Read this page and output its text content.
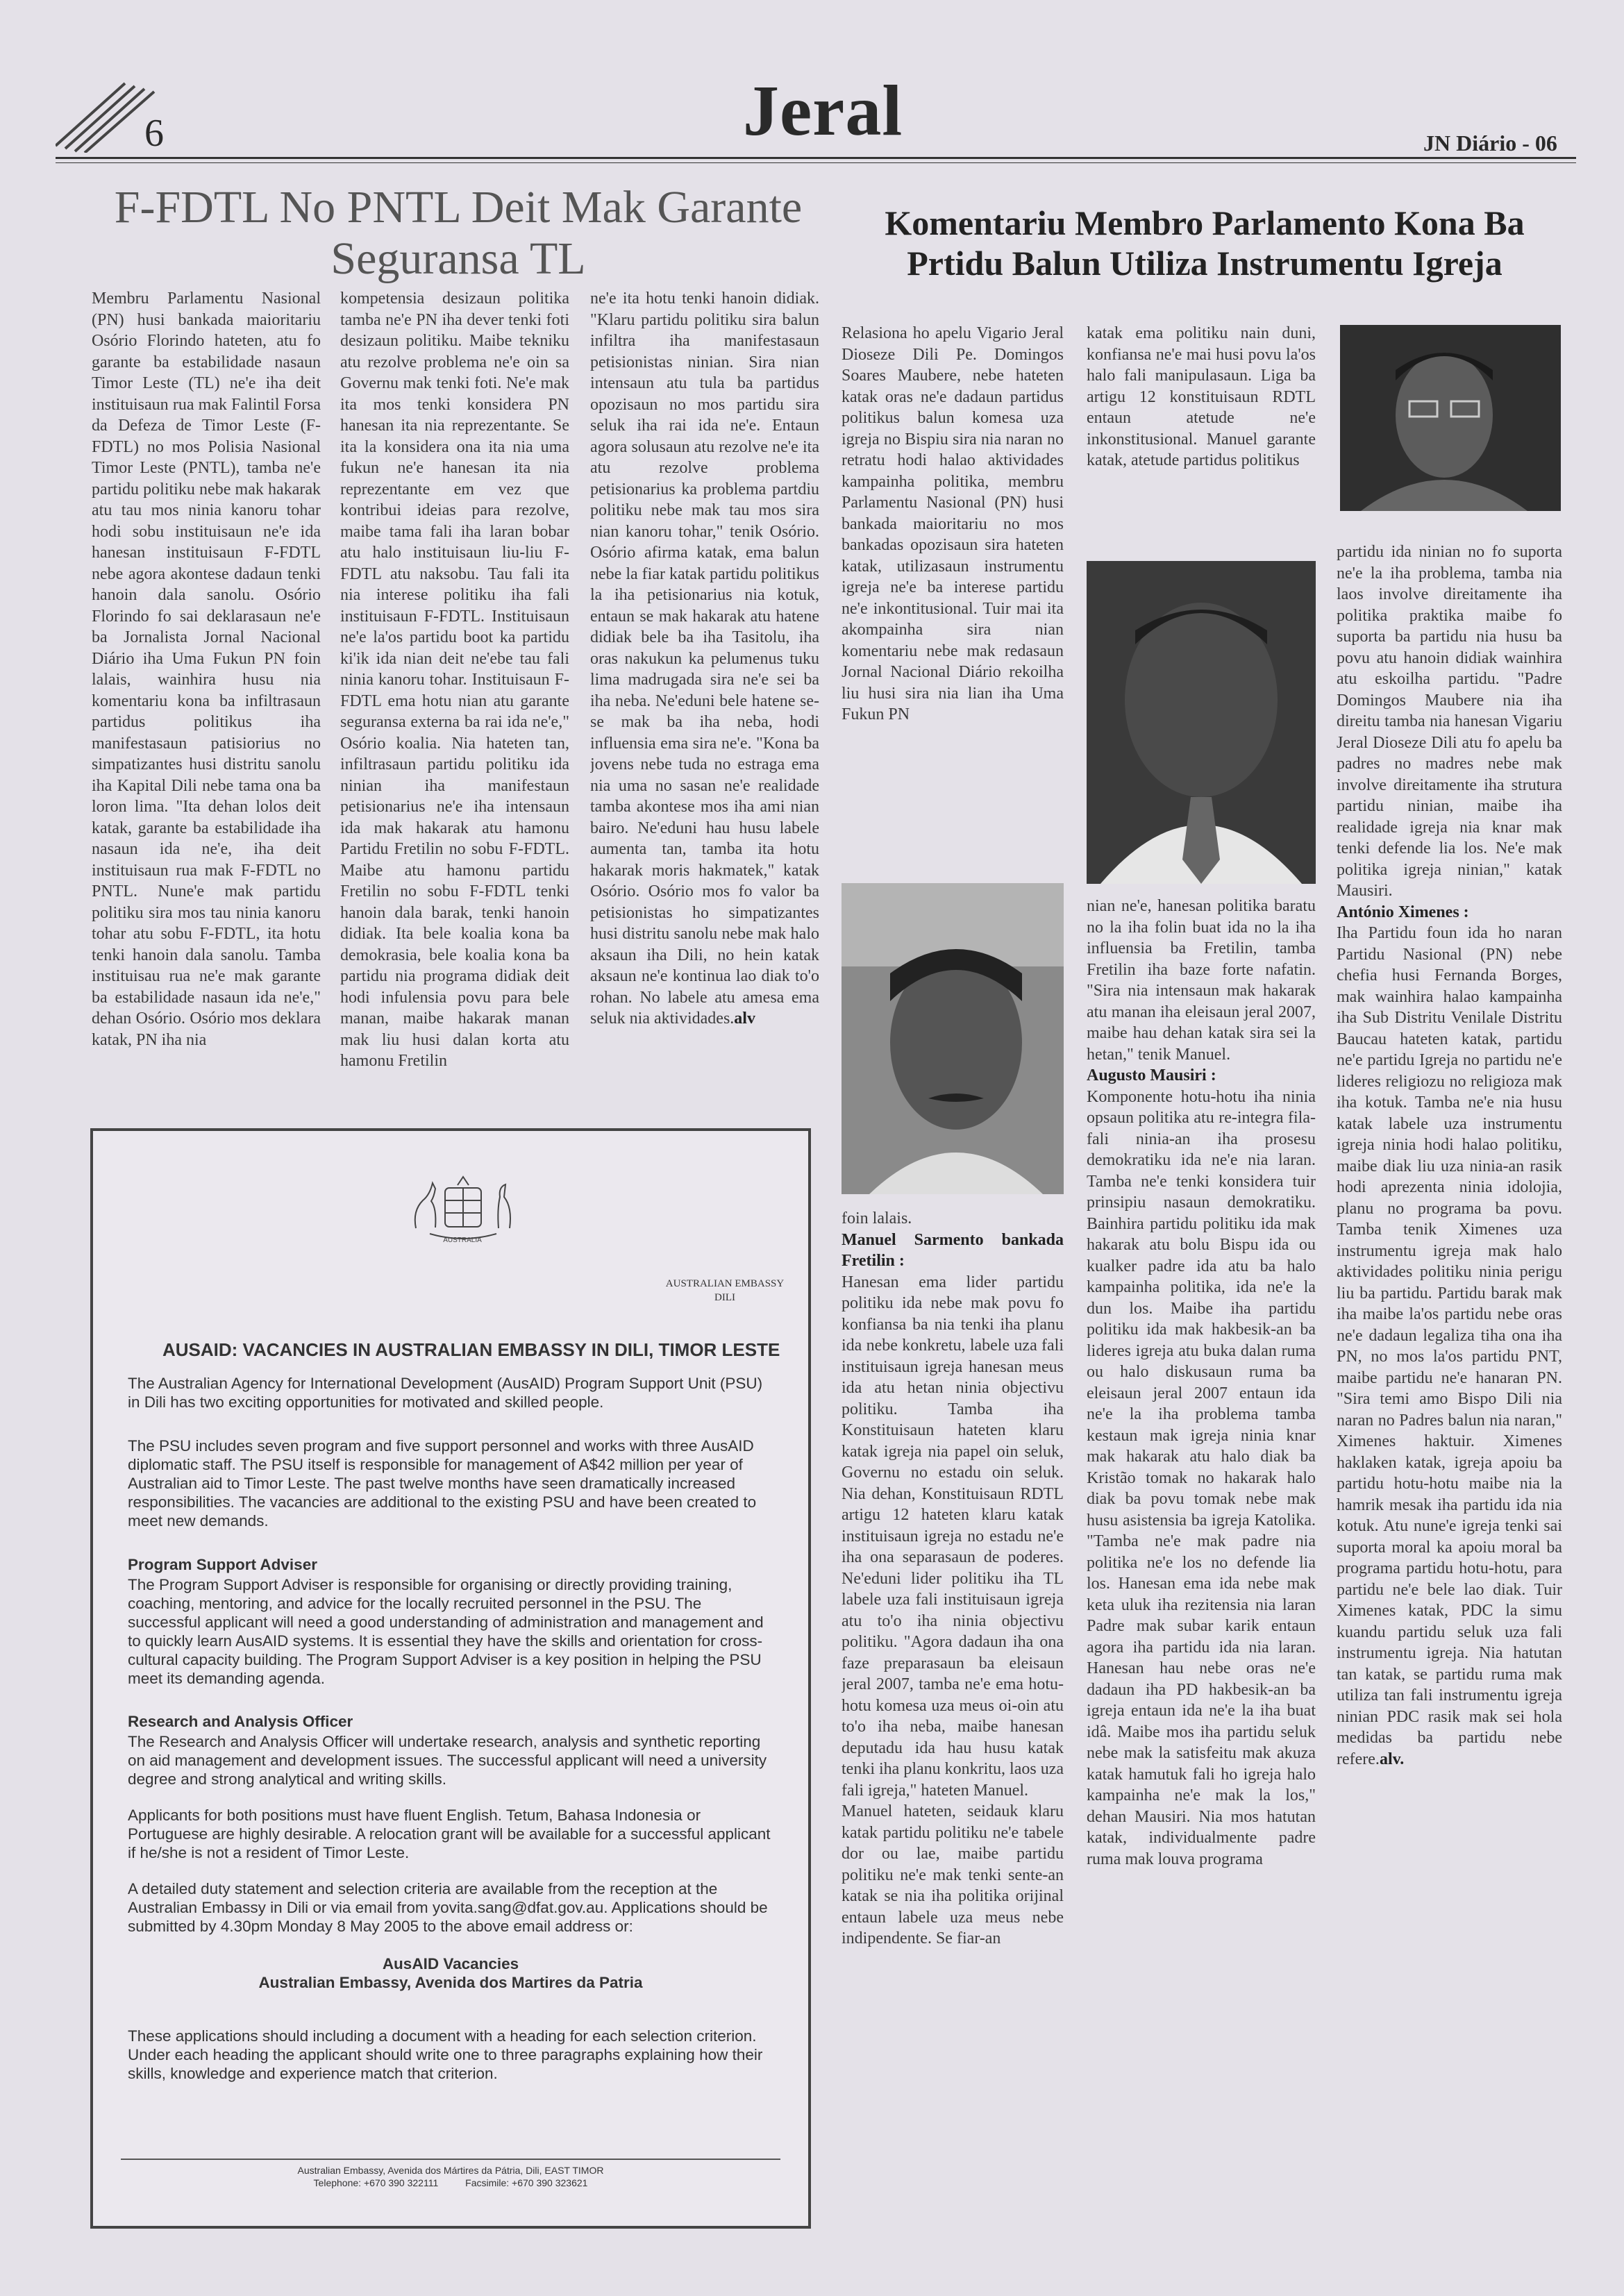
6	Jeral	JN Diário - 06
F-FDTL No PNTL Deit Mak Garante
Seguransa TL

Membru Parlamentu Nasional (PN) husi bankada maioritariu Osório Florindo hateten, atu fo garante ba estabilidade nasaun Timor Leste (TL) ne'e iha deit instituisaun rua mak Falintil Forsa da Defeza de Timor Leste (F-FDTL) no mos Polisia Nasional Timor Leste (PNTL), tamba ne'e partidu politiku nebe mak hakarak atu tau mos ninia kanoru tohar hodi sobu instituisaun ne'e ida hanesan instituisaun F-FDTL nebe agora akontese dadaun tenki hanoin dala sanolu. Osório Florindo fo sai deklarasaun ne'e ba Jornalista Jornal Nacional Diário iha Uma Fukun PN foin lalais, wainhira husu nia komentariu kona ba infiltrasaun partidus politikus iha manifestasaun patisiorius no simpatizantes husi distritu sanolu iha Kapital Dili nebe tama ona ba loron lima. "Ita dehan lolos deit katak, garante ba estabilidade iha nasaun ida ne'e, iha deit instituisaun rua mak F-FDTL no PNTL. Nune'e mak partidu politiku sira mos tau ninia kanoru tohar atu sobu F-FDTL, ita hotu tenki hanoin dala sanolu. Tamba instituisau rua ne'e mak garante ba estabilidade nasaun ida ne'e," dehan Osório. Osório mos deklara katak, PN iha nia

kompetensia desizaun politika tamba ne'e PN iha dever tenki foti desizaun politiku. Maibe tekniku atu rezolve problema ne'e oin sa Governu mak tenki foti. Ne'e mak ita mos tenki konsidera PN hanesan ita nia reprezentante. Se ita la konsidera ona ita nia uma fukun ne'e hanesan ita nia reprezentante em vez que kontribui ideias para rezolve, maibe tama fali iha laran bobar atu halo instituisaun liu-liu F-FDTL atu naksobu. Tau fali ita nia interese politiku iha fali instituisaun F-FDTL. Instituisaun ne'e la'os partidu boot ka partidu ki'ik ida nian deit ne'ebe tau fali ninia kanoru tohar. Instituisaun F-FDTL ema hotu nian atu garante seguransa externa ba rai ida ne'e," Osório koalia. Nia hateten tan, infiltrasaun partidu politiku ida ninian iha manifestaun petisionarius ne'e iha intensaun ida mak hakarak atu hamonu Partidu Fretilin no sobu F-FDTL. Maibe atu hamonu partidu Fretilin no sobu F-FDTL tenki hanoin dala barak, tenki hanoin didiak. Ita bele koalia kona ba demokrasia, bele koalia kona ba partidu nia programa didiak deit hodi infulensia povu para bele manan, maibe hakarak manan mak liu husi dalan korta atu hamonu Fretilin

ne'e ita hotu tenki hanoin didiak. "Klaru partidu politiku sira balun infiltra iha manifestasaun petisionistas ninian. Sira nian intensaun atu tula ba partidus opozisaun no mos partidu sira seluk iha rai ida ne'e. Entaun agora solusaun atu rezolve ne'e ita atu rezolve problema petisionarius ka problema partdiu politiku nebe mak tau mos sira nian kanoru tohar," tenik Osório. Osório afirma katak, ema balun nebe la fiar katak partidu politikus la iha petisionarius nia kotuk, entaun se mak hakarak atu hatene didiak bele ba iha Tasitolu, iha oras nakukun ka pelumenus tuku lima madrugada sira ne'e sei ba iha neba. Ne'eduni bele hatene se-se mak ba iha neba, hodi influensia ema sira ne'e. "Kona ba jovens nebe tuda no estraga ema nia uma no sasan ne'e realidade tamba akontese mos iha ami nian bairo. Ne'eduni hau husu labele aumenta tan, tamba ita hotu hakarak moris hakmatek," katak Osório. Osório mos fo valor ba petisionistas ho simpatizantes husi distritu sanolu nebe mak halo aksaun iha Dili, no hein katak aksaun ne'e kontinua lao diak to'o rohan. No labele atu amesa ema seluk nia aktividades.alv

AUSTRALIA
AUSTRALIAN EMBASSY
DILI
AUSAID: VACANCIES IN AUSTRALIAN EMBASSY IN DILI, TIMOR LESTE
The Australian Agency for International Development (AusAID) Program Support Unit (PSU) in Dili has two exciting opportunities for motivated and skilled people.
The PSU includes seven program and five support personnel and works with three AusAID diplomatic staff. The PSU itself is responsible for management of A$42 million per year of Australian aid to Timor Leste. The past twelve months have seen dramatically increased responsibilities. The vacancies are additional to the existing PSU and have been created to meet new demands.
Program Support Adviser
The Program Support Adviser is responsible for organising or directly providing training, coaching, mentoring, and advice for the locally recruited personnel in the PSU. The successful applicant will need a good understanding of administration and management and to quickly learn AusAID systems. It is essential they have the skills and orientation for cross-cultural capacity building. The Program Support Adviser is a key position in helping the PSU meet its demanding agenda.
Research and Analysis Officer
The Research and Analysis Officer will undertake research, analysis and synthetic reporting on aid management and development issues. The successful applicant will need a university degree and strong analytical and writing skills.
Applicants for both positions must have fluent English. Tetum, Bahasa Indonesia or Portuguese are highly desirable. A relocation grant will be available for a successful applicant if he/she is not a resident of Timor Leste.
A detailed duty statement and selection criteria are available from the reception at the Australian Embassy in Dili or via email from yovita.sang@dfat.gov.au. Applications should be submitted by 4.30pm Monday 8 May 2005 to the above email address or:
AusAID Vacancies
Australian Embassy, Avenida dos Martires da Patria
These applications should including a document with a heading for each selection criterion. Under each heading the applicant should write one to three paragraphs explaining how their skills, knowledge and experience match that criterion.
Australian Embassy, Avenida dos Mártires da Pátria, Dili, EAST TIMOR
Telephone: +670 390 322111          Facsimile: +670 390 323621
Komentariu Membro Parlamento Kona Ba
Prtidu Balun Utiliza Instrumentu Igreja

Relasiona ho apelu Vigario Jeral Dioseze Dili Pe. Domingos Soares Maubere, nebe hateten katak oras ne'e dadaun partidus politikus balun komesa uza igreja no Bispiu sira nia naran no retratu hodi halao aktividades kampainha politika, membru Parlamentu Nasional (PN) husi bankada maioritariu no mos bankadas opozisaun sira hateten katak, utilizasaun instrumentu igreja ne'e ba interese partidu ne'e inkontitusional. Tuir mai ita akompainha sira nian komentariu nebe mak redasaun Jornal Nacional Diário rekoilha liu husi sira nia lian iha Uma Fukun PN

foin lalais.

Manuel Sarmento bankada Fretilin :

Hanesan ema lider partidu politiku ida nebe mak povu fo konfiansa ba nia tenki iha planu ida nebe konkretu, labele uza fali instituisaun igreja hanesan meus ida atu hetan ninia objectivu politiku. Tamba iha Konstituisaun hateten klaru katak igreja nia papel oin seluk, Governu no estadu oin seluk. Nia dehan, Konstituisaun RDTL artigu 12 hateten klaru katak instituisaun igreja no estadu ne'e iha ona separasaun de poderes. Ne'eduni lider politiku iha TL labele uza fali instituisaun igreja atu to'o iha ninia objectivu politiku. "Agora dadaun iha ona faze preparasaun ba eleisaun jeral 2007, tamba ne'e ema hotu-hotu komesa uza meus oi-oin atu to'o iha neba, maibe hanesan deputadu ida hau husu katak tenki iha planu konkritu, laos uza fali igreja," hateten Manuel.

Manuel hateten, seidauk klaru katak partidu politiku ne'e tabele dor ou lae, maibe partidu politiku ne'e mak tenki sente-an katak se nia iha politika orijinal entaun labele uza meus nebe indipendente. Se fiar-an

katak ema politiku nain duni, konfiansa ne'e mai husi povu la'os halo fali manipulasaun. Liga ba artigu 12 konstituisaun RDTL entaun atetude ne'e inkonstitusional. Manuel garante katak, atetude partidus politikus

nian ne'e, hanesan politika baratu no la iha folin buat ida no la iha influensia ba Fretilin, tamba Fretilin iha baze forte nafatin. "Sira nia intensaun mak hakarak atu manan iha eleisaun jeral 2007, maibe hau dehan katak sira sei la hetan," tenik Manuel.

Augusto Mausiri :

Komponente hotu-hotu iha ninia opsaun politika atu re-integra fila-fali ninia-an iha prosesu demokratiku ida ne'e nia laran. Tamba ne'e tenki konsidera tuir prinsipiu nasaun demokratiku. Bainhira partidu politiku ida mak hakarak atu bolu Bispu ida ou kualker padre ida atu ba halo kampainha politika, ida ne'e la dun los. Maibe iha partidu politiku ida mak hakbesik-an ba lideres igreja atu buka dalan ruma ou halo diskusaun ruma ba eleisaun jeral 2007 entaun ida ne'e la iha problema tamba kestaun mak igreja ninia knar mak hakarak atu halo diak ba Kristão tomak no hakarak halo diak ba povu tomak nebe mak husu asistensia ba igreja Katolika. "Tamba ne'e mak padre nia politika ne'e los no defende lia los. Hanesan ema ida nebe mak keta uluk iha rezitensia nia laran Padre mak subar karik entaun agora iha partidu ida nia laran. Hanesan hau nebe oras ne'e dadaun iha PD hakbesik-an ba igreja entaun ida ne'e la iha buat idâ. Maibe mos iha partidu seluk nebe mak la satisfeitu mak akuza katak hamutuk fali ho igreja halo kampainha ne'e mak la los," dehan Mausiri. Nia mos hatutan katak, individualmente padre ruma mak louva programa

partidu ida ninian no fo suporta ne'e la iha problema, tamba nia laos involve direitamente iha politika praktika maibe fo suporta ba partidu nia husu ba povu atu hanoin didiak wainhira atu eskoilha partidu. "Padre Domingos Maubere nia iha direitu tamba nia hanesan Vigariu Jeral Dioseze Dili atu fo apelu ba padres no madres nebe mak involve direitamente iha strutura partidu ninian, maibe iha realidade igreja nia knar mak tenki defende lia los. Ne'e mak politika igreja ninian," katak Mausiri.

António Ximenes :

Iha Partidu foun ida ho naran Partidu Nasional (PN) nebe chefia husi Fernanda Borges, mak wainhira halao kampainha iha Sub Distritu Venilale Distritu Baucau hateten katak, partidu ne'e partidu Igreja no partidu ne'e lideres religiozu no religioza mak iha kotuk. Tamba ne'e nia husu katak labele uza instrumentu igreja ninia hodi halao politiku, maibe diak liu uza ninia-an rasik hodi aprezenta ninia idolojia, planu no programa ba povu. Tamba tenik Ximenes uza instrumentu igreja mak halo aktividades politiku ninia perigu liu ba partidu. Partidu barak mak iha maibe la'os partidu nebe oras ne'e dadaun legaliza tiha ona iha PN, no mos la'os partidu PNT, maibe partidu ne'e hanaran PN. "Sira temi amo Bispo Dili nia naran no Padres balun nia naran," Ximenes haktuir. Ximenes haklaken katak, igreja apoiu ba partidu hotu-hotu maibe nia la hamrik mesak iha partidu ida nia kotuk. Atu nune'e igreja tenki sai suporta moral ka apoiu moral ba programa partidu hotu-hotu, para partidu ne'e bele lao diak. Tuir Ximenes katak, PDC la simu kuandu partidu seluk uza fali instrumentu igreja. Nia hatutan tan katak, se partidu ruma mak utiliza tan fali instrumentu igreja ninian PDC rasik mak sei hola medidas ba partidu nebe refere.alv.
